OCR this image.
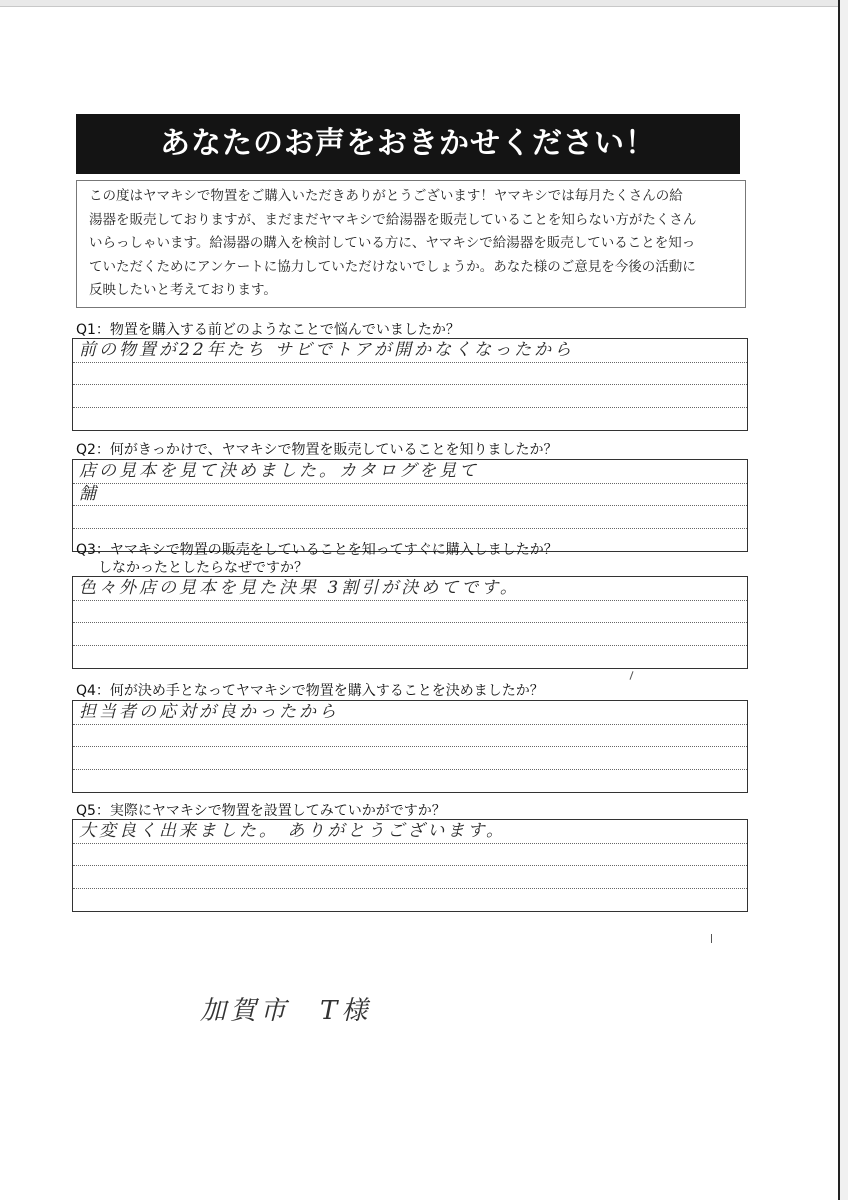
あなたのお声をおきかせください！
この度はヤマキシで物置をご購入いただきありがとうございます！ヤマキシでは毎月たくさんの給
湯器を販売しておりますが、まだまだヤマキシで給湯器を販売していることを知らない方がたくさん
いらっしゃいます。給湯器の購入を検討している方に、ヤマキシで給湯器を販売していることを知っ
ていただくためにアンケートに協力していただけないでしょうか。あなた様のご意見を今後の活動に
反映したいと考えております。
Q1：物置を購入する前どのようなことで悩んでいましたか？
前の物置が22年たち サビでトアが開かなくなったから
Q2：何がきっかけで、ヤマキシで物置を販売していることを知りましたか？
店の見本を見て決めました。カタログを見て
舗
Q3：ヤマキシで物置の販売をしていることを知ってすぐに購入しましたか？
しなかったとしたらなぜですか？
色々外店の見本を見た決果 3割引が決めてです。
Q4：何が決め手となってヤマキシで物置を購入することを決めましたか？
担当者の応対が良かったから
Q5：実際にヤマキシで物置を設置してみていかがですか？
大変良く出来ました。 ありがとうございます。
加賀市　T様
